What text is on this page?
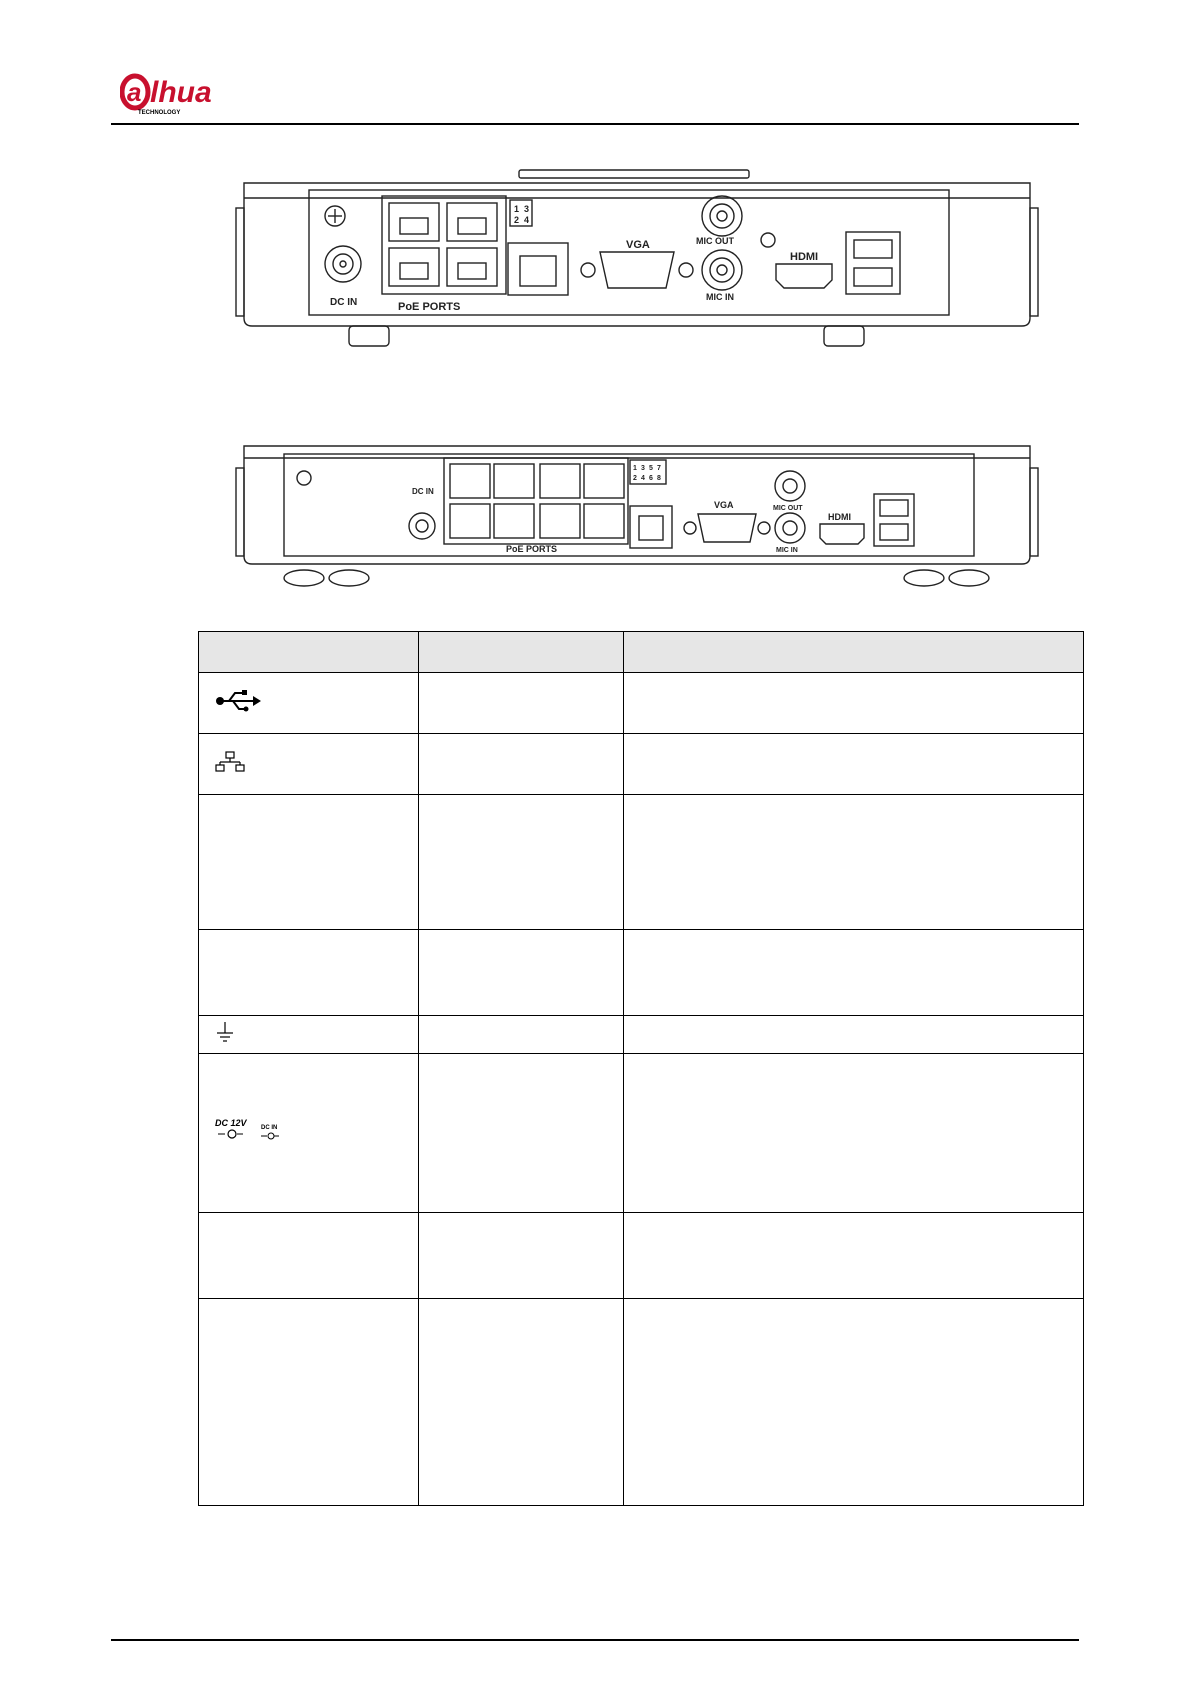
a lhua
TECHNOLOGY
DC IN	PoE PORTS
1 3
2 4
VGA	MIC OUT
MIC IN
HDMI
DC IN
PoE PORTS
1 3 5 7
2 4 6 8
VGA	MIC OUT
MIC IN
HDMI

DC 12V DC IN		
